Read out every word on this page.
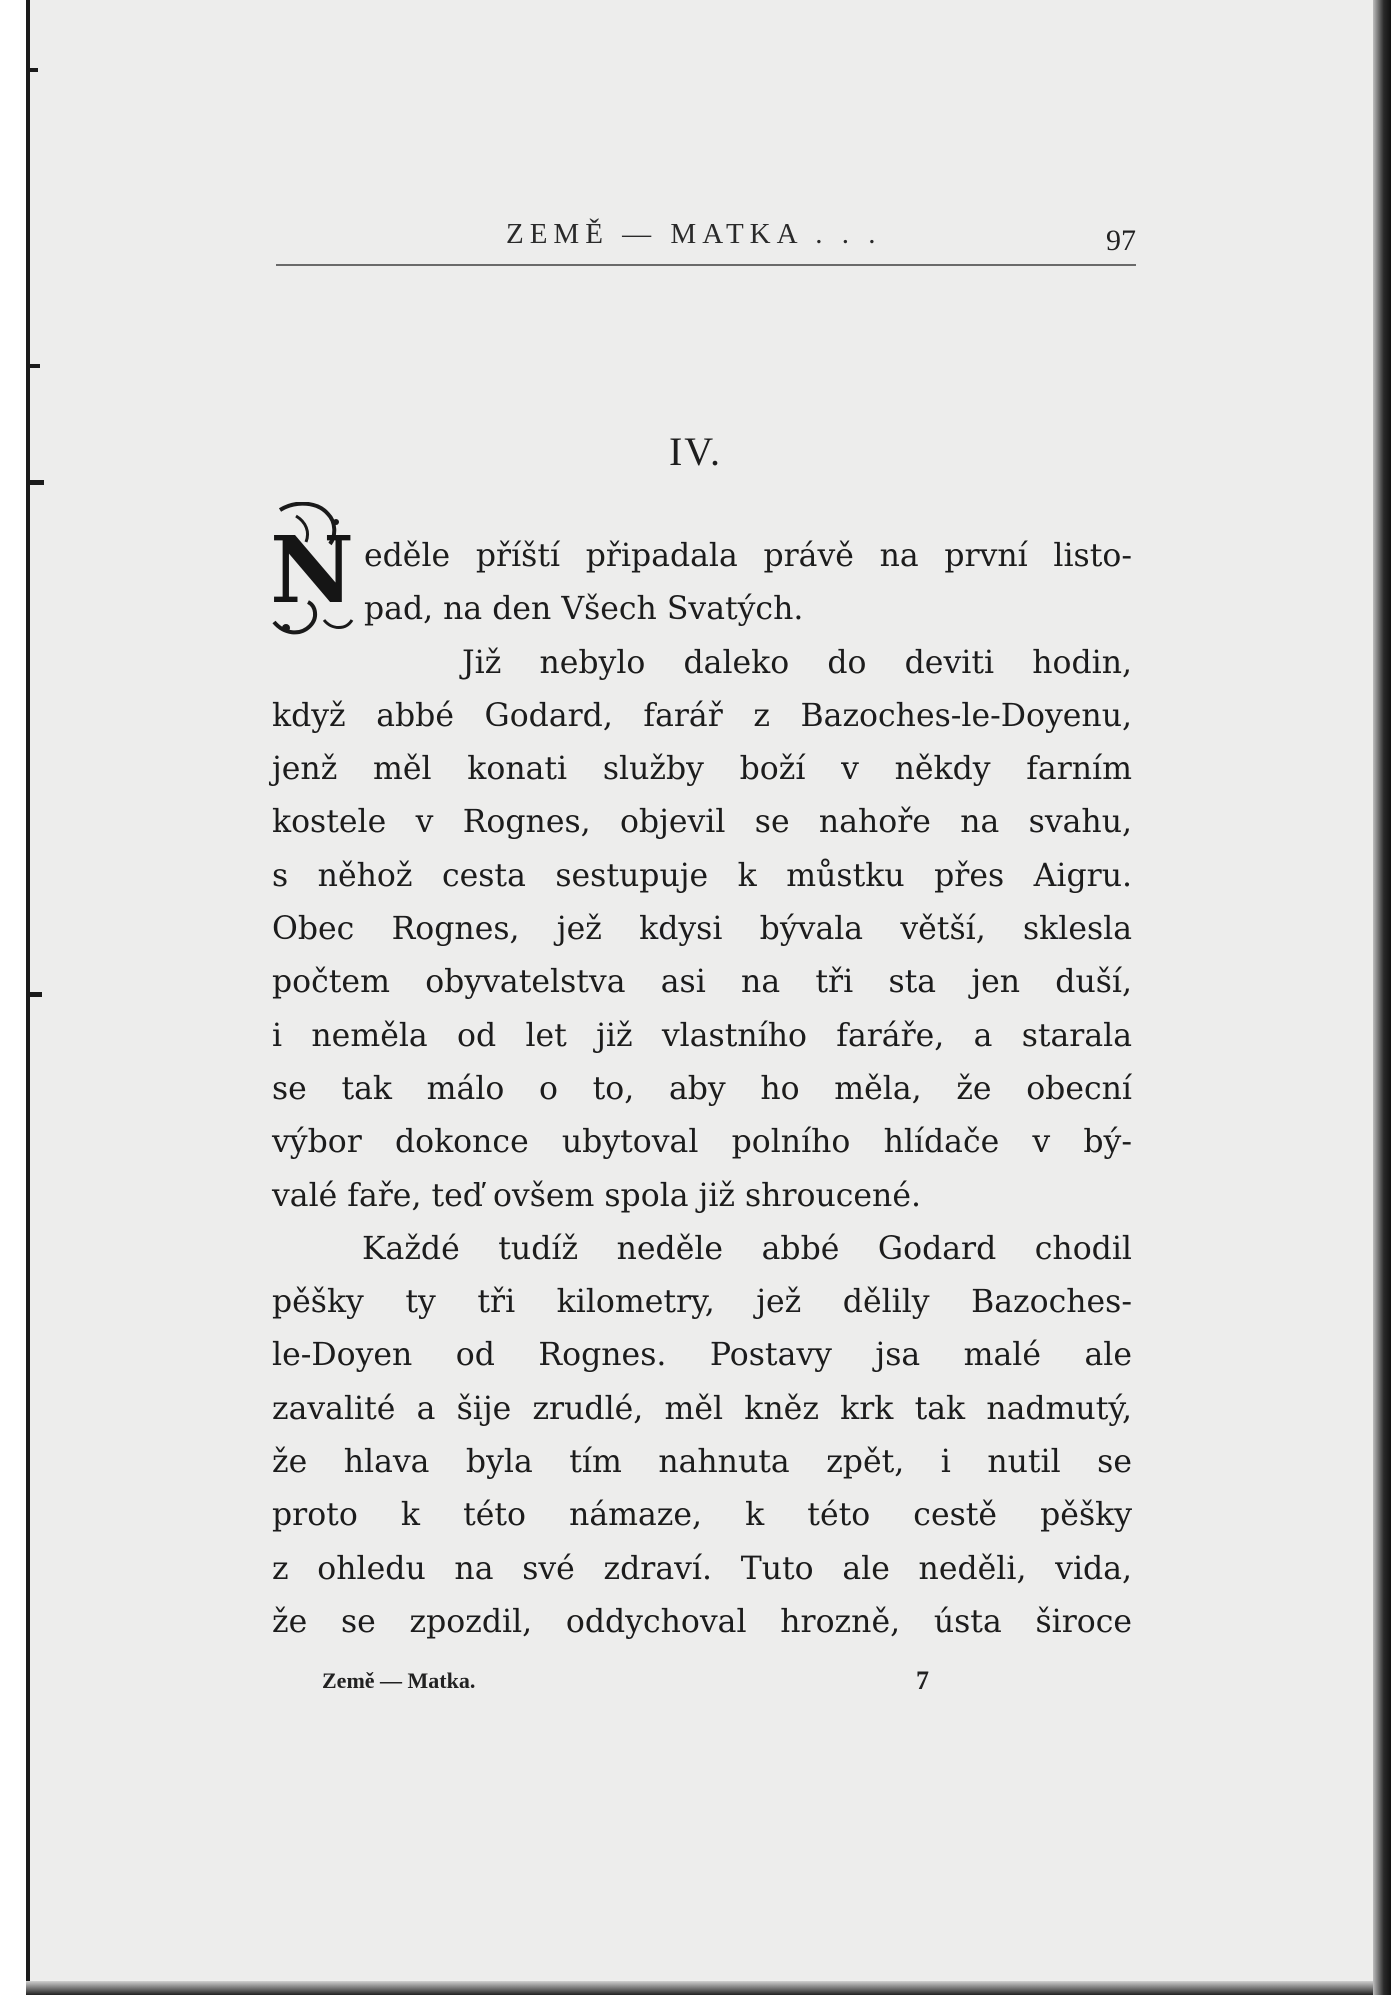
ZEMĚ — MATKA . . .	97
IV.
N eděle příští připadala právě na první listo-
pad, na den Všech Svatých.
Již nebylo daleko do deviti hodin,
když abbé Godard, farář z Bazoches-le-Doyenu,
jenž měl konati služby boží v někdy farním
kostele v Rognes, objevil se nahoře na svahu,
s něhož cesta sestupuje k můstku přes Aigru.
Obec Rognes, jež kdysi bývala větší, sklesla
počtem obyvatelstva asi na tři sta jen duší,
i neměla od let již vlastního faráře, a starala
se tak málo o to, aby ho měla, že obecní
výbor dokonce ubytoval polního hlídače v bý-
valé faře, teď ovšem spola již shroucené.
Každé tudíž neděle abbé Godard chodil
pěšky ty tři kilometry, jež dělily Bazoches-
le-Doyen od Rognes. Postavy jsa malé ale
zavalité a šije zrudlé, měl kněz krk tak nadmutý,
že hlava byla tím nahnuta zpět, i nutil se
proto k této námaze, k této cestě pěšky
z ohledu na své zdraví. Tuto ale neděli, vida,
že se zpozdil, oddychoval hrozně, ústa široce
Země — Matka.	7
